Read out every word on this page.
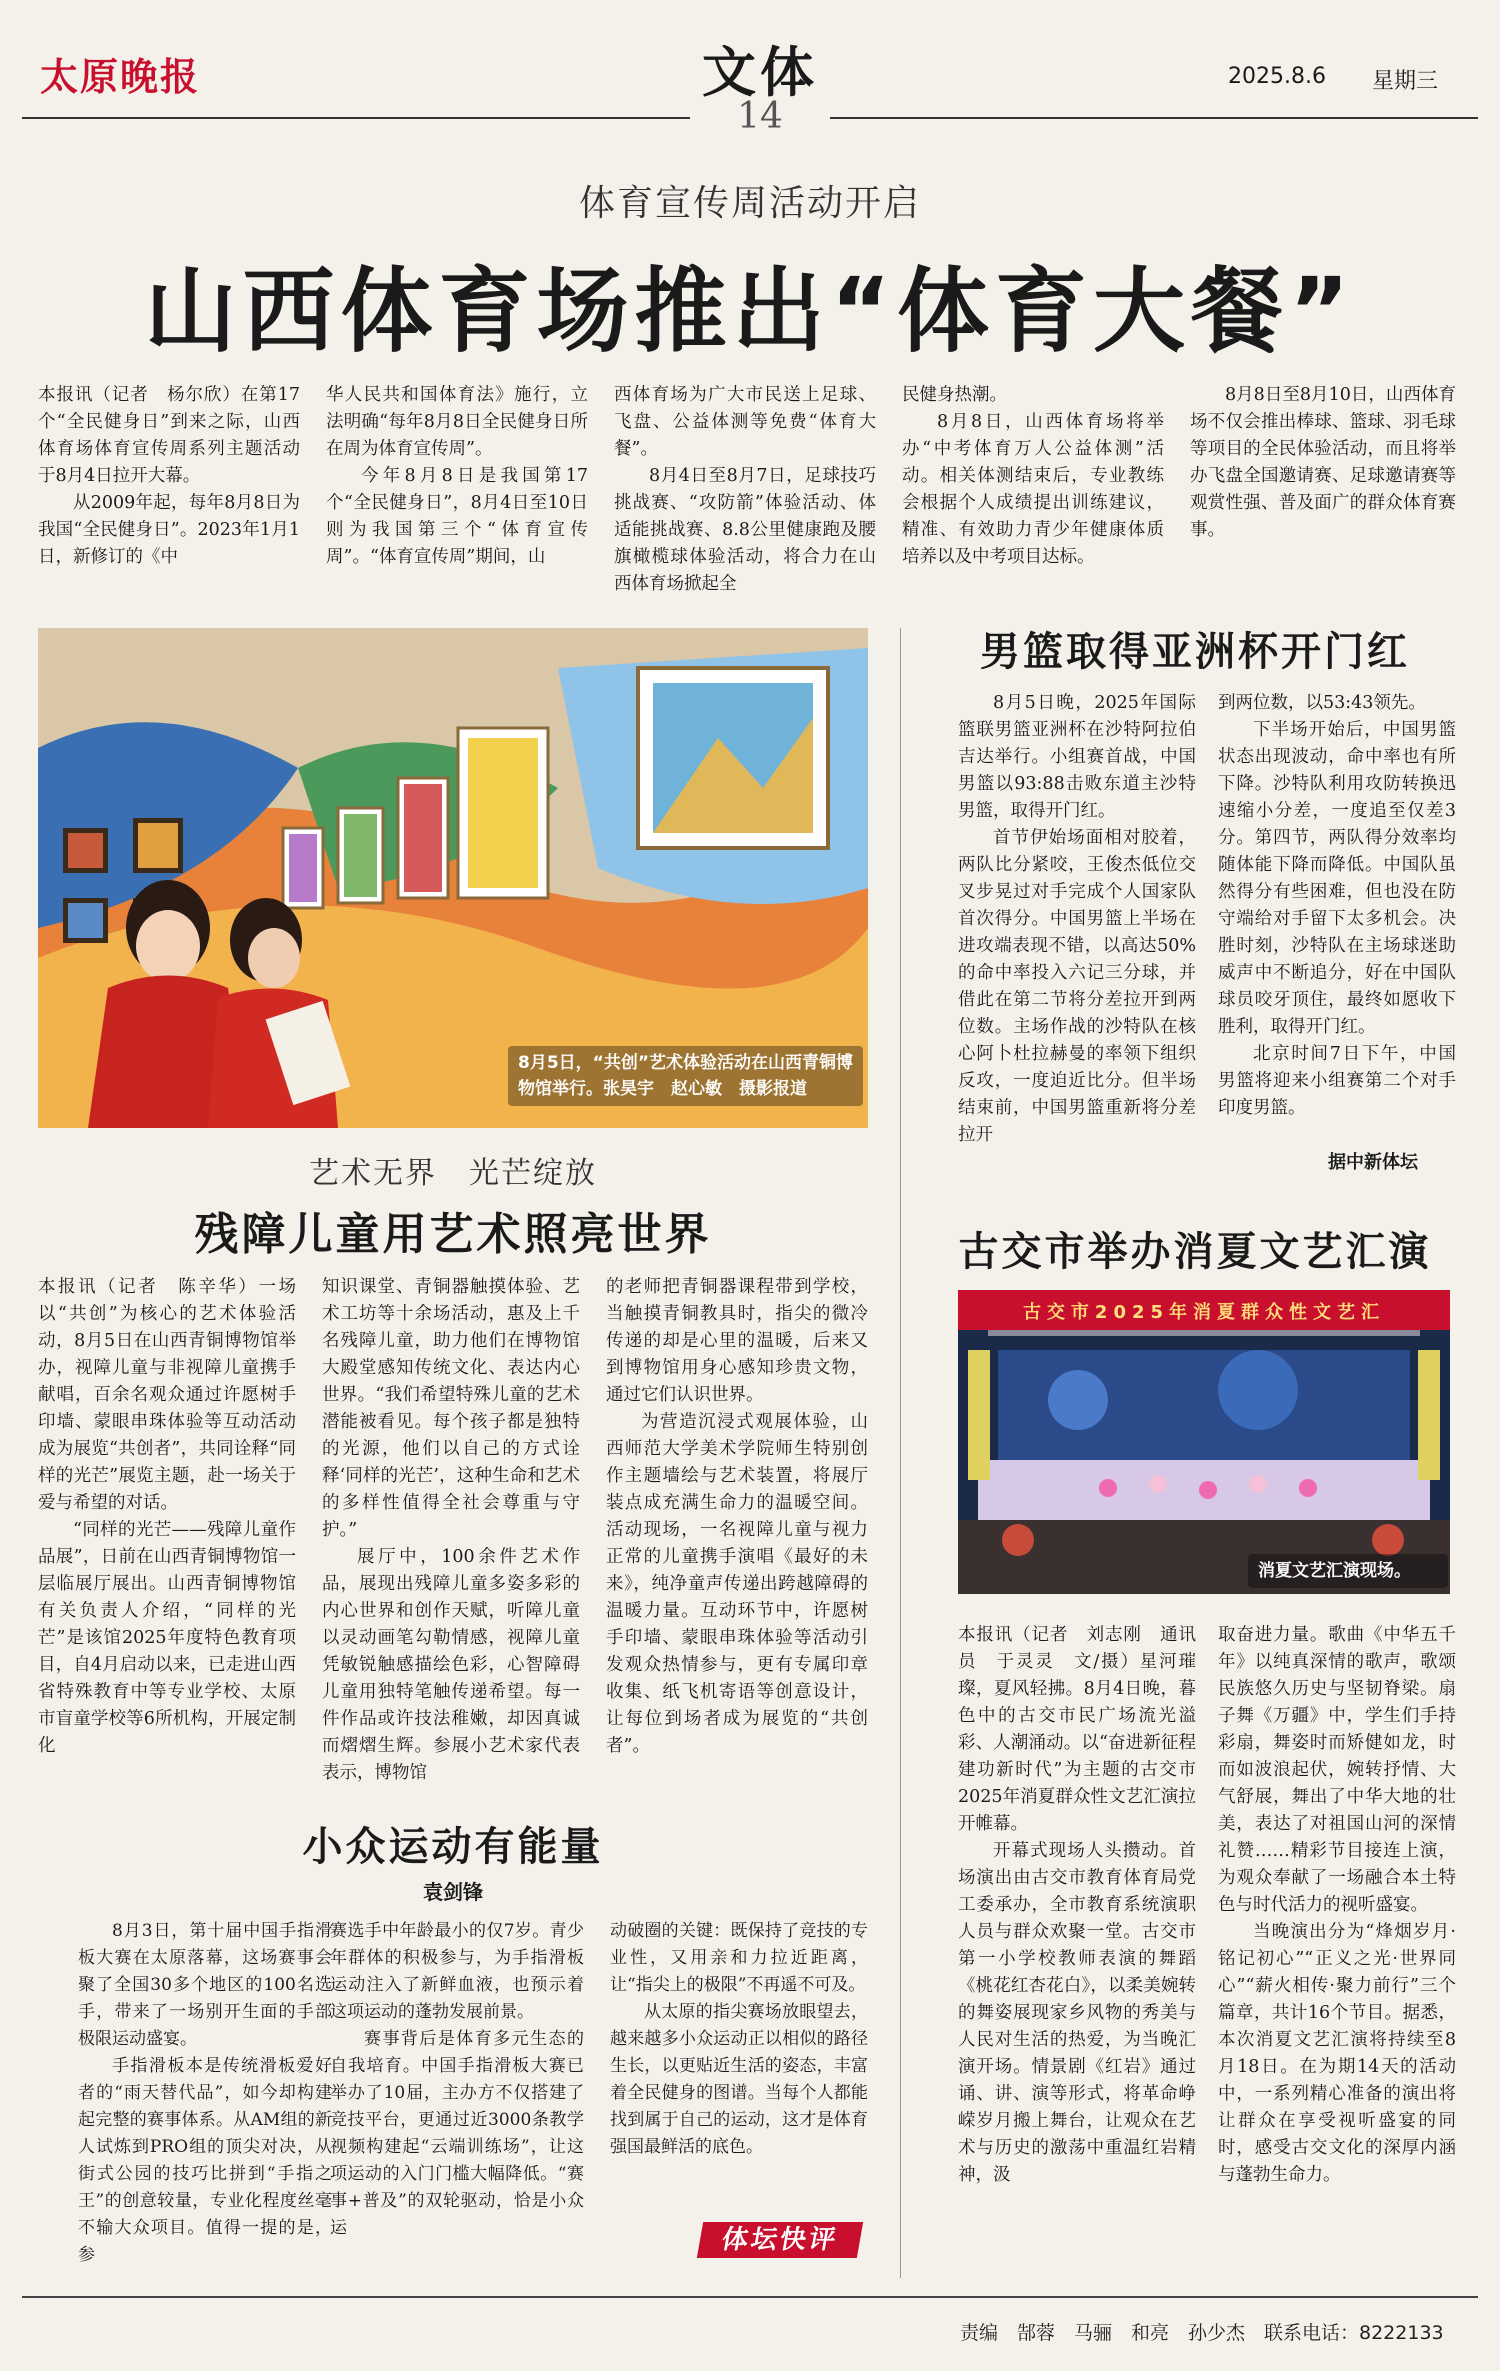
太原晚报	文体
14
2025.8.6 星期三
体育宣传周活动开启
山西体育场推出“体育大餐”

本报讯（记者　杨尔欣）在第17个“全民健身日”到来之际，山西体育场体育宣传周系列主题活动于8月4日拉开大幕。

从2009年起，每年8月8日为我国“全民健身日”。2023年1月1日，新修订的《中

华人民共和国体育法》施行，立法明确“每年8月8日全民健身日所在周为体育宣传周”。

今年8月8日是我国第17个“全民健身日”，8月4日至10日则为我国第三个“体育宣传周”。“体育宣传周”期间，山

西体育场为广大市民送上足球、飞盘、公益体测等免费“体育大餐”。

8月4日至8月7日，足球技巧挑战赛、“攻防箭”体验活动、体适能挑战赛、8.8公里健康跑及腰旗橄榄球体验活动，将合力在山西体育场掀起全

民健身热潮。

8月8日，山西体育场将举办“中考体育万人公益体测”活动。相关体测结束后，专业教练会根据个人成绩提出训练建议，精准、有效助力青少年健康体质培养以及中考项目达标。

8月8日至8月10日，山西体育场不仅会推出棒球、篮球、羽毛球等项目的全民体验活动，而且将举办飞盘全国邀请赛、足球邀请赛等观赏性强、普及面广的群众体育赛事。

8月5日，“共创”艺术体验活动在山西青铜博物馆举行。张昊宇　赵心敏　摄影报道
艺术无界　光芒绽放
残障儿童用艺术照亮世界

本报讯（记者　陈辛华）一场以“共创”为核心的艺术体验活动，8月5日在山西青铜博物馆举办，视障儿童与非视障儿童携手献唱，百余名观众通过许愿树手印墙、蒙眼串珠体验等互动活动成为展览“共创者”，共同诠释“同样的光芒”展览主题，赴一场关于爱与希望的对话。

“同样的光芒——残障儿童作品展”，日前在山西青铜博物馆一层临展厅展出。山西青铜博物馆有关负责人介绍，“同样的光芒”是该馆2025年度特色教育项目，自4月启动以来，已走进山西省特殊教育中等专业学校、太原市盲童学校等6所机构，开展定制化

知识课堂、青铜器触摸体验、艺术工坊等十余场活动，惠及上千名残障儿童，助力他们在博物馆大殿堂感知传统文化、表达内心世界。“我们希望特殊儿童的艺术潜能被看见。每个孩子都是独特的光源，他们以自己的方式诠释‘同样的光芒’，这种生命和艺术的多样性值得全社会尊重与守护。”

展厅中，100余件艺术作品，展现出残障儿童多姿多彩的内心世界和创作天赋，听障儿童以灵动画笔勾勒情感，视障儿童凭敏锐触感描绘色彩，心智障碍儿童用独特笔触传递希望。每一件作品或许技法稚嫩，却因真诚而熠熠生辉。参展小艺术家代表表示，博物馆

的老师把青铜器课程带到学校，当触摸青铜教具时，指尖的微冷传递的却是心里的温暖，后来又到博物馆用身心感知珍贵文物，通过它们认识世界。

为营造沉浸式观展体验，山西师范大学美术学院师生特别创作主题墙绘与艺术装置，将展厅装点成充满生命力的温暖空间。活动现场，一名视障儿童与视力正常的儿童携手演唱《最好的未来》，纯净童声传递出跨越障碍的温暖力量。互动环节中，许愿树手印墙、蒙眼串珠体验等活动引发观众热情参与，更有专属印章收集、纸飞机寄语等创意设计，让每位到场者成为展览的“共创者”。

小众运动有能量
袁剑锋

8月3日，第十届中国手指滑板大赛在太原落幕，这场赛事会聚了全国30多个地区的100名选手，带来了一场别开生面的手部极限运动盛宴。

手指滑板本是传统滑板爱好者的“雨天替代品”，如今却构建起完整的赛事体系。从AM组的新人试炼到PRO组的顶尖对决，从街式公园的技巧比拼到“手指之王”的创意较量，专业化程度丝毫不输大众项目。值得一提的是，参

赛选手中年龄最小的仅7岁。青少年群体的积极参与，为手指滑板运动注入了新鲜血液，也预示着这项运动的蓬勃发展前景。

赛事背后是体育多元生态的自我培育。中国手指滑板大赛已举办了10届，主办方不仅搭建了竞技平台，更通过近3000条教学视频构建起“云端训练场”，让这项运动的入门门槛大幅降低。“赛事+普及”的双轮驱动，恰是小众运

动破圈的关键：既保持了竞技的专业性，又用亲和力拉近距离，让“指尖上的极限”不再遥不可及。

从太原的指尖赛场放眼望去，越来越多小众运动正以相似的路径生长，以更贴近生活的姿态，丰富着全民健身的图谱。当每个人都能找到属于自己的运动，这才是体育强国最鲜活的底色。

体坛快评
男篮取得亚洲杯开门红

8月5日晚，2025年国际篮联男篮亚洲杯在沙特阿拉伯吉达举行。小组赛首战，中国男篮以93:88击败东道主沙特男篮，取得开门红。

首节伊始场面相对胶着，两队比分紧咬，王俊杰低位交叉步晃过对手完成个人国家队首次得分。中国男篮上半场在进攻端表现不错，以高达50%的命中率投入六记三分球，并借此在第二节将分差拉开到两位数。主场作战的沙特队在核心阿卜杜拉赫曼的率领下组织反攻，一度迫近比分。但半场结束前，中国男篮重新将分差拉开

到两位数，以53:43领先。

下半场开始后，中国男篮状态出现波动，命中率也有所下降。沙特队利用攻防转换迅速缩小分差，一度追至仅差3分。第四节，两队得分效率均随体能下降而降低。中国队虽然得分有些困难，但也没在防守端给对手留下太多机会。决胜时刻，沙特队在主场球迷助威声中不断追分，好在中国队球员咬牙顶住，最终如愿收下胜利，取得开门红。

北京时间7日下午，中国男篮将迎来小组赛第二个对手印度男篮。

据中新体坛
古交市举办消夏文艺汇演
古交市2025年消夏群众性文艺汇
消夏文艺汇演现场。

本报讯（记者　刘志刚　通讯员　于灵灵　文/摄）星河璀璨，夏风轻拂。8月4日晚，暮色中的古交市民广场流光溢彩、人潮涌动。以“奋进新征程　建功新时代”为主题的古交市2025年消夏群众性文艺汇演拉开帷幕。

开幕式现场人头攒动。首场演出由古交市教育体育局党工委承办，全市教育系统演职人员与群众欢聚一堂。古交市第一小学校教师表演的舞蹈《桃花红杏花白》，以柔美婉转的舞姿展现家乡风物的秀美与人民对生活的热爱，为当晚汇演开场。情景剧《红岩》通过诵、讲、演等形式，将革命峥嵘岁月搬上舞台，让观众在艺术与历史的激荡中重温红岩精神，汲

取奋进力量。歌曲《中华五千年》以纯真深情的歌声，歌颂民族悠久历史与坚韧脊梁。扇子舞《万疆》中，学生们手持彩扇，舞姿时而矫健如龙，时而如波浪起伏，婉转抒情、大气舒展，舞出了中华大地的壮美，表达了对祖国山河的深情礼赞……精彩节目接连上演，为观众奉献了一场融合本土特色与时代活力的视听盛宴。

当晚演出分为“烽烟岁月·铭记初心”“正义之光·世界同心”“薪火相传·聚力前行”三个篇章，共计16个节目。据悉，本次消夏文艺汇演将持续至8月18日。在为期14天的活动中，一系列精心准备的演出将让群众在享受视听盛宴的同时，感受古交文化的深厚内涵与蓬勃生命力。

责编　郜蓉　马骊　和亮　孙少杰　联系电话：8222133
